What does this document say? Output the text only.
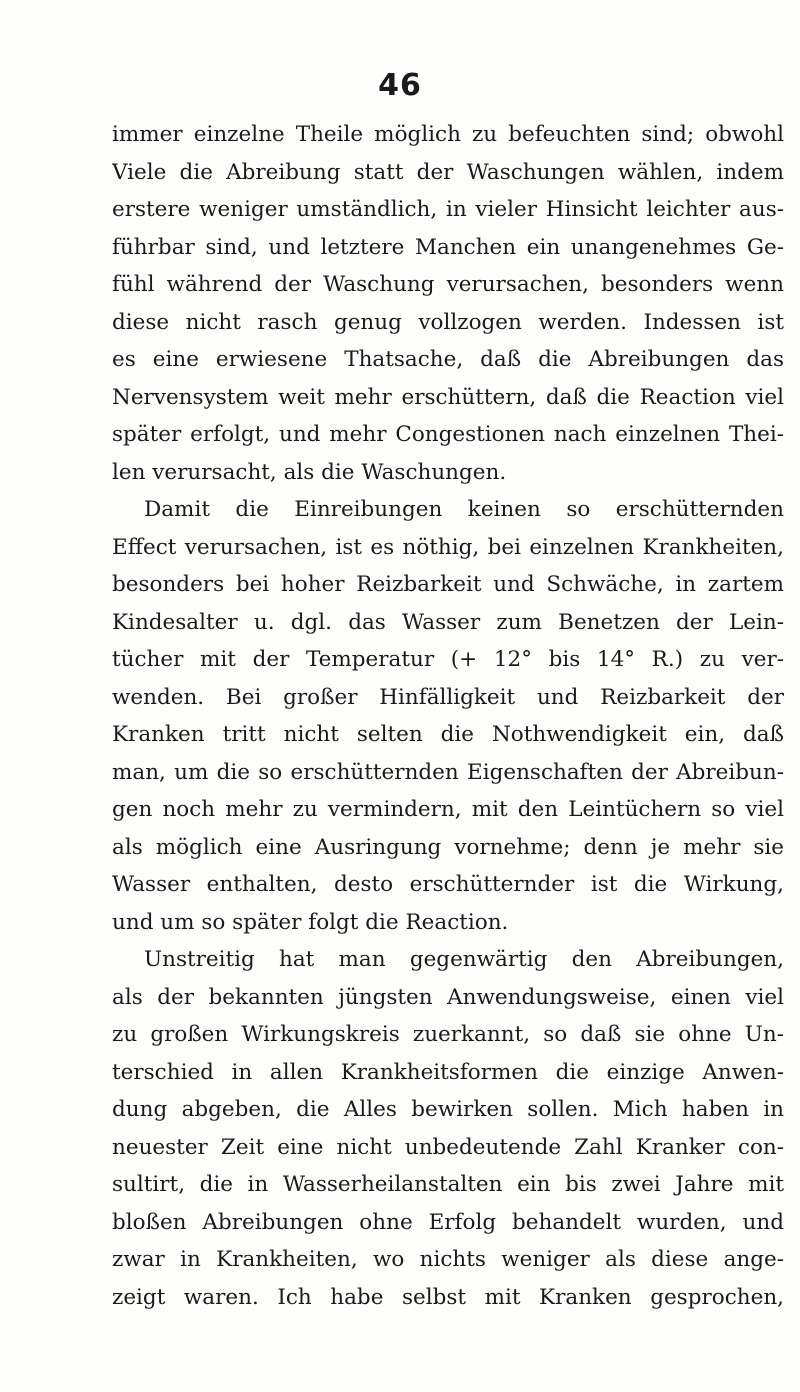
46
immer einzelne Theile möglich zu befeuchten sind; obwohl
Viele die Abreibung statt der Waschungen wählen, indem
erstere weniger umständlich, in vieler Hinsicht leichter aus-
führbar sind, und letztere Manchen ein unangenehmes Ge-
fühl während der Waschung verursachen, besonders wenn
diese nicht rasch genug vollzogen werden. Indessen ist
es eine erwiesene Thatsache, daß die Abreibungen das
Nervensystem weit mehr erschüttern, daß die Reaction viel
später erfolgt, und mehr Congestionen nach einzelnen Thei-
len verursacht, als die Waschungen.
Damit die Einreibungen keinen so erschütternden
Effect verursachen, ist es nöthig, bei einzelnen Krankheiten,
besonders bei hoher Reizbarkeit und Schwäche, in zartem
Kindesalter u. dgl. das Wasser zum Benetzen der Lein-
tücher mit der Temperatur (+ 12° bis 14° R.) zu ver-
wenden. Bei großer Hinfälligkeit und Reizbarkeit der
Kranken tritt nicht selten die Nothwendigkeit ein, daß
man, um die so erschütternden Eigenschaften der Abreibun-
gen noch mehr zu vermindern, mit den Leintüchern so viel
als möglich eine Ausringung vornehme; denn je mehr sie
Wasser enthalten, desto erschütternder ist die Wirkung,
und um so später folgt die Reaction.
Unstreitig hat man gegenwärtig den Abreibungen,
als der bekannten jüngsten Anwendungsweise, einen viel
zu großen Wirkungskreis zuerkannt, so daß sie ohne Un-
terschied in allen Krankheitsformen die einzige Anwen-
dung abgeben, die Alles bewirken sollen. Mich haben in
neuester Zeit eine nicht unbedeutende Zahl Kranker con-
sultirt, die in Wasserheilanstalten ein bis zwei Jahre mit
bloßen Abreibungen ohne Erfolg behandelt wurden, und
zwar in Krankheiten, wo nichts weniger als diese ange-
zeigt waren. Ich habe selbst mit Kranken gesprochen,
